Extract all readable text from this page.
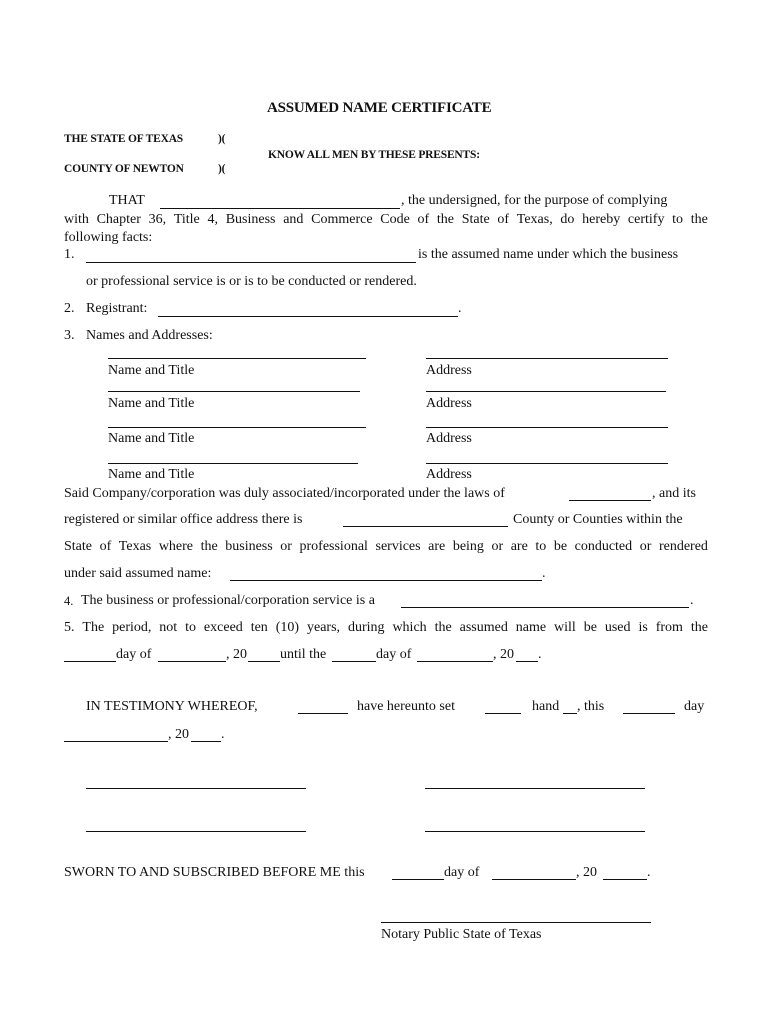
ASSUMED NAME CERTIFICATE
THE STATE OF TEXAS	)(
KNOW ALL MEN BY THESE PRESENTS:
COUNTY OF NEWTON	)(
THAT	, the undersigned, for the purpose of complying
with Chapter 36, Title 4, Business and Commerce Code of the State of Texas, do hereby certify to the
following facts:
1.	is the assumed name under which the business
or professional service is or is to be conducted or rendered.
2. Registrant:	.
3. Names and Addresses:
Name and Title	Address
Name and Title	Address
Name and Title	Address
Name and Title	Address
Said Company/corporation was duly associated/incorporated under the laws of	, and its
registered or similar office address there is	County or Counties within the
State of Texas where the business or professional services are being or are to be conducted or rendered
under said assumed name:	.
4. The business or professional/corporation service is a	.
5. The period, not to exceed ten (10) years, during which the assumed name will be used is from the
day of	, 20 until the	day of	, 20 .
IN TESTIMONY WHEREOF,	have hereunto set	hand , this	day
, 20 .
SWORN TO AND SUBSCRIBED BEFORE ME this	day of	, 20	.
Notary Public State of Texas
